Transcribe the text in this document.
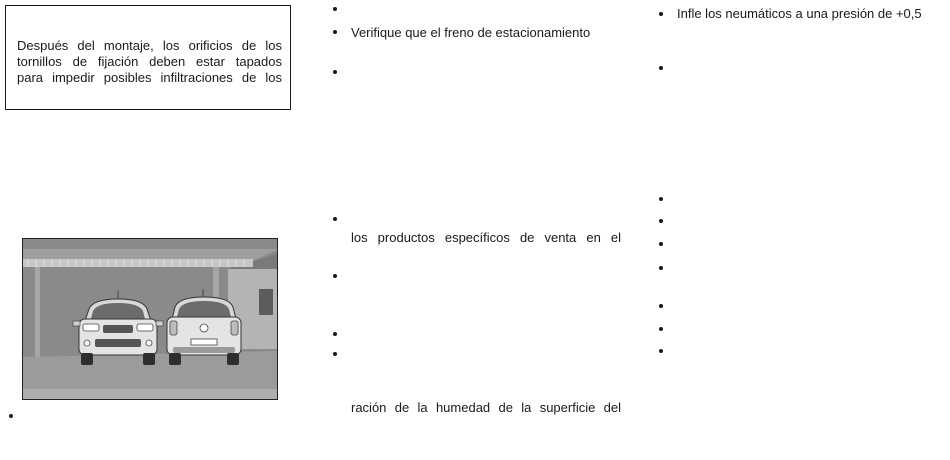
Después del montaje, los orificios de los
tornillos de fijación deben estar tapados
para impedir posibles infiltraciones de los
Verifique que el freno de estacionamiento
los productos específicos de venta en el
ración de la humedad de la superficie del
Infle los neumáticos a una presión de +0,5
